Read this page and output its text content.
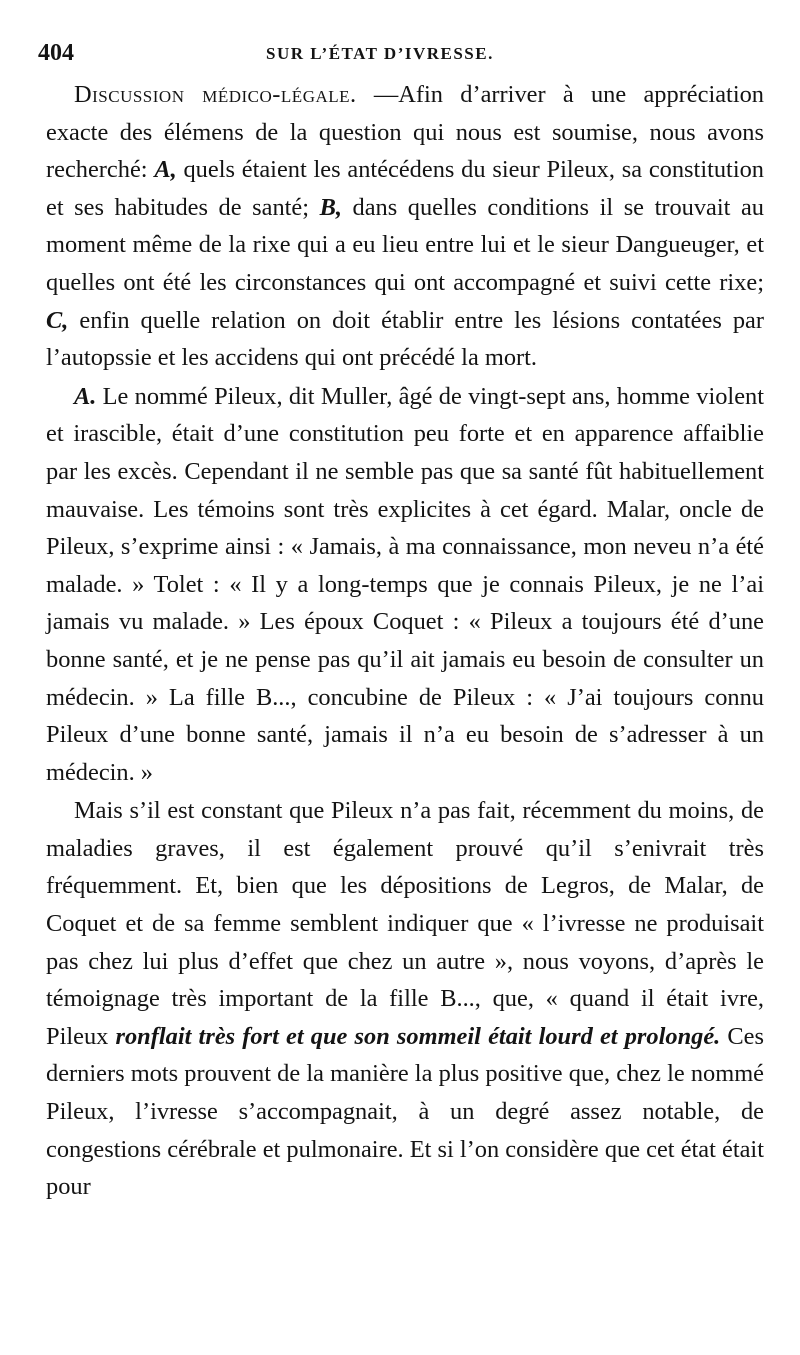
404	SUR L’ÉTAT D’IVRESSE.

Discussion médico-légale. —Afin d’arriver à une appréciation exacte des élémens de la question qui nous est soumise, nous avons recherché: A, quels étaient les antécédens du sieur Pileux, sa constitution et ses habitudes de santé; B, dans quelles conditions il se trouvait au moment même de la rixe qui a eu lieu entre lui et le sieur Dangueuger, et quelles ont été les circonstances qui ont accompagné et suivi cette rixe; C, enfin quelle relation on doit établir entre les lésions contatées par l’autopssie et les accidens qui ont précédé la mort.

A. Le nommé Pileux, dit Muller, âgé de vingt-sept ans, homme violent et irascible, était d’une constitution peu forte et en apparence affaiblie par les excès. Cependant il ne semble pas que sa santé fût habituellement mauvaise. Les témoins sont très explicites à cet égard. Malar, oncle de Pileux, s’exprime ainsi : « Jamais, à ma connaissance, mon neveu n’a été malade. » Tolet : « Il y a long-temps que je connais Pileux, je ne l’ai jamais vu malade. » Les époux Coquet : « Pileux a toujours été d’une bonne santé, et je ne pense pas qu’il ait jamais eu besoin de consulter un médecin. » La fille B..., concubine de Pileux : « J’ai toujours connu Pileux d’une bonne santé, jamais il n’a eu besoin de s’adresser à un médecin. »

Mais s’il est constant que Pileux n’a pas fait, récemment du moins, de maladies graves, il est également prouvé qu’il s’enivrait très fréquemment. Et, bien que les dépositions de Legros, de Malar, de Coquet et de sa femme semblent indiquer que « l’ivresse ne produisait pas chez lui plus d’effet que chez un autre », nous voyons, d’après le témoignage très important de la fille B..., que, « quand il était ivre, Pileux ronflait très fort et que son sommeil était lourd et prolongé. Ces derniers mots prouvent de la manière la plus positive que, chez le nommé Pileux, l’ivresse s’accompagnait, à un degré assez notable, de congestions cérébrale et pulmonaire. Et si l’on considère que cet état était pour
